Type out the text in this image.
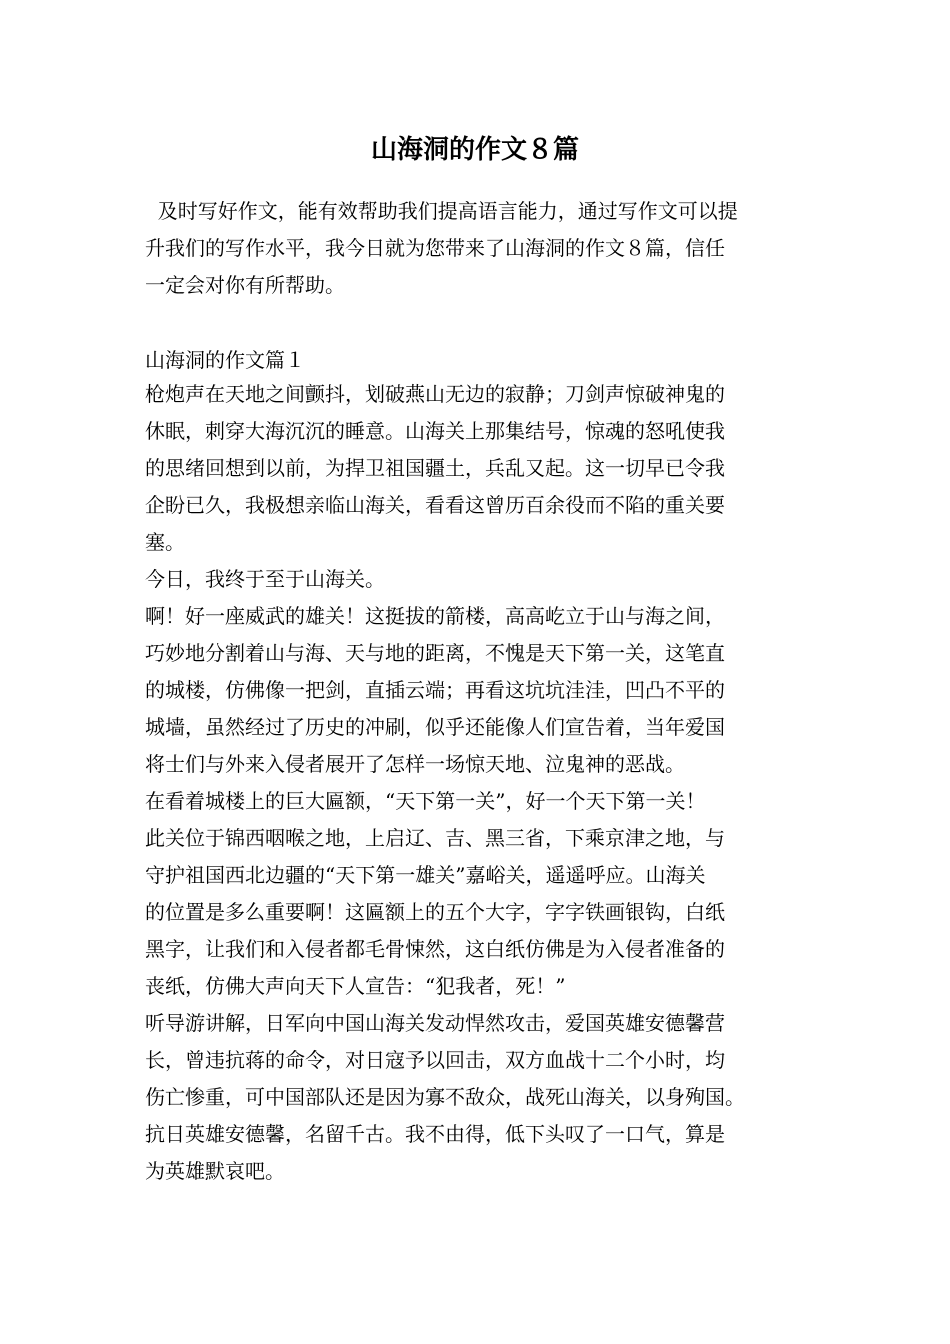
山海洞的作文８篇
及时写好作文，能有效帮助我们提高语言能力，通过写作文可以提
升我们的写作水平，我今日就为您带来了山海洞的作文８篇，信任
一定会对你有所帮助。
山海洞的作文篇１
枪炮声在天地之间颤抖，划破燕山无边的寂静；刀剑声惊破神鬼的
休眠，刺穿大海沉沉的睡意。山海关上那集结号，惊魂的怒吼使我
的思绪回想到以前，为捍卫祖国疆土，兵乱又起。这一切早已令我
企盼已久，我极想亲临山海关，看看这曾历百余役而不陷的重关要
塞。
今日，我终于至于山海关。
啊！好一座威武的雄关！这挺拔的箭楼，高高屹立于山与海之间，
巧妙地分割着山与海、天与地的距离，不愧是天下第一关，这笔直
的城楼，仿佛像一把剑，直插云端；再看这坑坑洼洼，凹凸不平的
城墙，虽然经过了历史的冲刷，似乎还能像人们宣告着，当年爱国
将士们与外来入侵者展开了怎样一场惊天地、泣鬼神的恶战。
在看着城楼上的巨大匾额，“天下第一关”，好一个天下第一关！
此关位于锦西咽喉之地，上启辽、吉、黑三省，下乘京津之地，与
守护祖国西北边疆的“天下第一雄关”嘉峪关，遥遥呼应。山海关
的位置是多么重要啊！这匾额上的五个大字，字字铁画银钩，白纸
黑字，让我们和入侵者都毛骨悚然，这白纸仿佛是为入侵者准备的
丧纸，仿佛大声向天下人宣告：“犯我者，死！”
听导游讲解，日军向中国山海关发动悍然攻击，爱国英雄安德馨营
长，曾违抗蒋的命令，对日寇予以回击，双方血战十二个小时，均
伤亡惨重，可中国部队还是因为寡不敌众，战死山海关，以身殉国。
抗日英雄安德馨，名留千古。我不由得，低下头叹了一口气，算是
为英雄默哀吧。
